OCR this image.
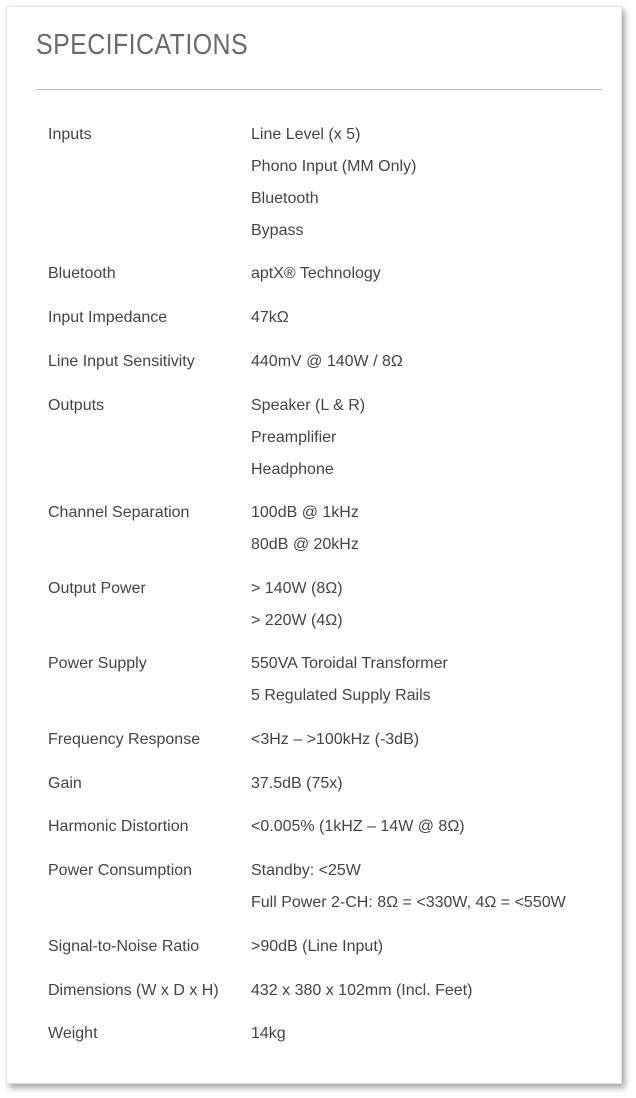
SPECIFICATIONS
Inputs	Line Level (x 5)
Phono Input (MM Only)
Bluetooth
Bypass
Bluetooth	aptX® Technology
Input Impedance	47kΩ
Line Input Sensitivity	440mV @ 140W / 8Ω
Outputs	Speaker (L & R)
Preamplifier
Headphone
Channel Separation	100dB @ 1kHz
80dB @ 20kHz
Output Power	> 140W (8Ω)
> 220W (4Ω)
Power Supply	550VA Toroidal Transformer
5 Regulated Supply Rails
Frequency Response	<3Hz – >100kHz (-3dB)
Gain	37.5dB (75x)
Harmonic Distortion	<0.005% (1kHZ – 14W @ 8Ω)
Power Consumption	Standby: <25W
Full Power 2-CH: 8Ω = <330W, 4Ω = <550W
Signal-to-Noise Ratio	>90dB (Line Input)
Dimensions (W x D x H) 432 x 380 x 102mm (Incl. Feet)
Weight	14kg
